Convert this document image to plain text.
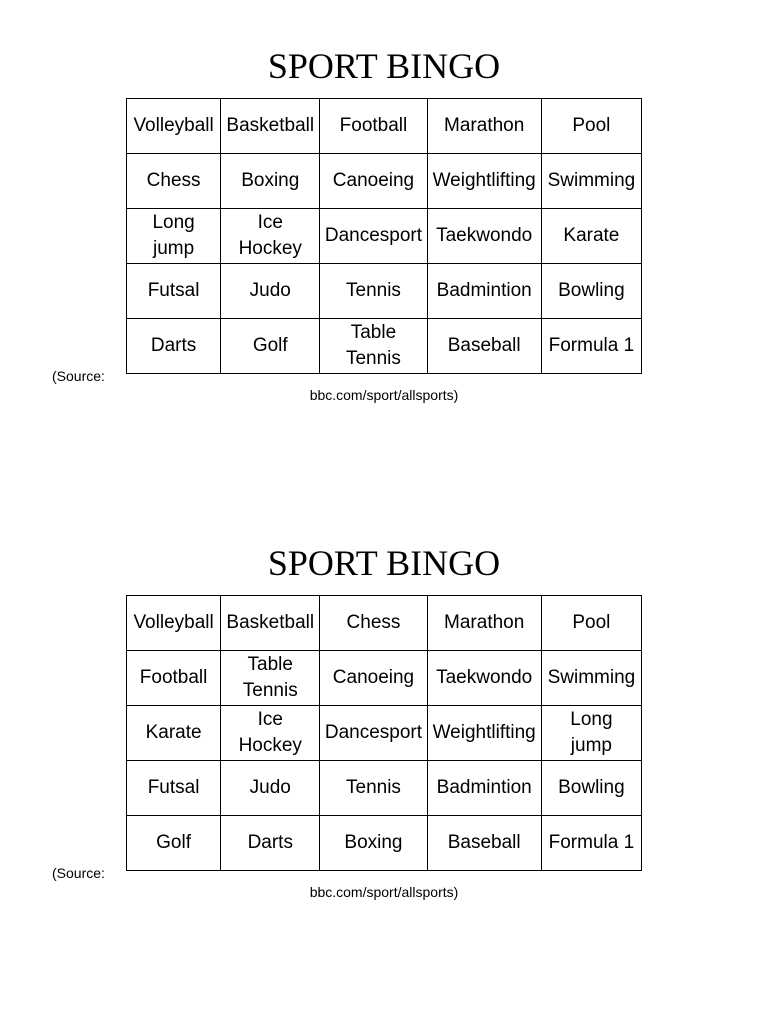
SPORT BINGO
Volleyball	Basketball	Football	Marathon	Pool
Chess	Boxing	Canoeing	Weightlifting	Swimming

Long jump	Ice Hockey	Dancesport	Taekwondo	Karate
Futsal	Judo	Tennis	Badmintion	Bowling
Darts	Golf	Table Tennis	Baseball	Formula 1
(Source:
bbc.com/sport/allsports)
SPORT BINGO
Volleyball	Basketball	Chess	Marathon	Pool
Football	Table Tennis	Canoeing	Taekwondo	Swimming
Karate	Ice Hockey	Dancesport	Weightlifting	Long jump

Futsal	Judo	Tennis	Badmintion	Bowling
Golf	Darts	Boxing	Baseball	Formula 1
(Source:
bbc.com/sport/allsports)
